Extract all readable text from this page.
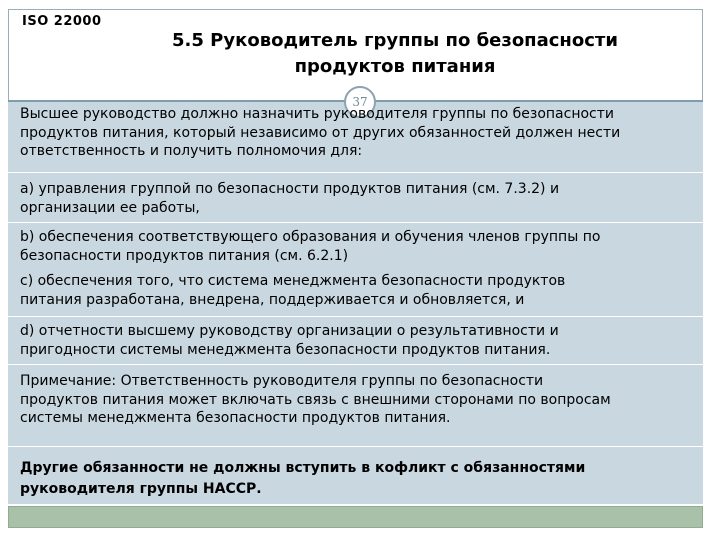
ISO 22000
5.5 Руководитель группы по безопасности
продуктов питания
37
Высшее руководство должно назначить руководителя группы по безопасности
продуктов питания, который независимо от других обязанностей должен нести
ответственность и получить полномочия для:
а) управления группой по безопасности продуктов питания (см. 7.3.2) и
организации ее работы,
b) обеспечения соответствующего образования и обучения членов группы по
безопасности продуктов питания (см. 6.2.1)
с) обеспечения того, что система менеджмента безопасности продуктов
питания разработана, внедрена, поддерживается и обновляется, и
d) отчетности высшему руководству организации о результативности и
пригодности системы менеджмента безопасности продуктов питания.
Примечание: Ответственность руководителя группы по безопасности
продуктов питания может включать связь с внешними сторонами по вопросам
системы менеджмента безопасности продуктов питания.
Другие обязанности не должны вступить в кофликт с обязанностями
руководителя группы НАССР.
